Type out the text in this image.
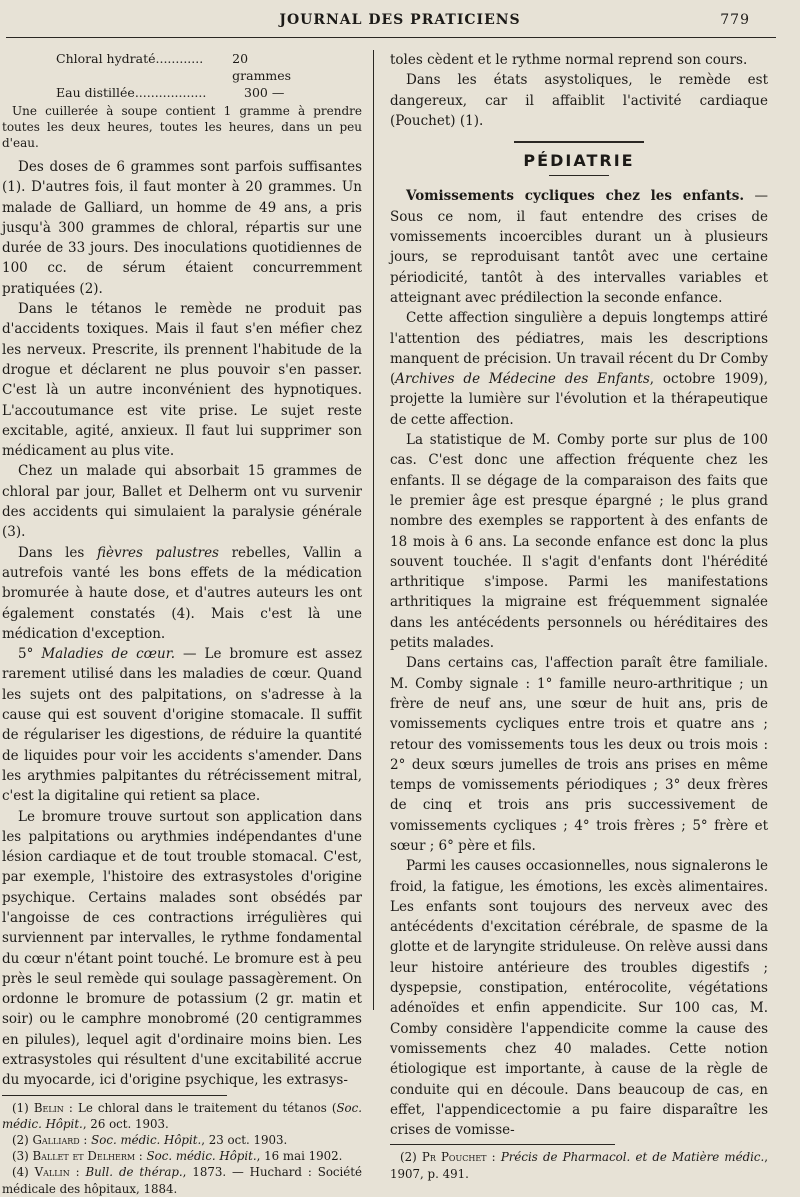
JOURNAL DES PRATICIENS	779
Chloral hydraté............	20 grammes
Eau distillée..................	300 —

Une cuillerée à soupe contient 1 gramme à prendre toutes les deux heures, toutes les heures, dans un peu d'eau.

Des doses de 6 grammes sont parfois suffisantes (1). D'autres fois, il faut monter à 20 grammes. Un malade de Galliard, un homme de 49 ans, a pris jusqu'à 300 grammes de chloral, répartis sur une durée de 33 jours. Des inoculations quotidiennes de 100 cc. de sérum étaient concurremment pratiquées (2).

Dans le tétanos le remède ne produit pas d'accidents toxiques. Mais il faut s'en méfier chez les nerveux. Prescrite, ils prennent l'habitude de la drogue et déclarent ne plus pouvoir s'en passer. C'est là un autre inconvénient des hypnotiques. L'accoutumance est vite prise. Le sujet reste excitable, agité, anxieux. Il faut lui supprimer son médicament au plus vite.

Chez un malade qui absorbait 15 grammes de chloral par jour, Ballet et Delherm ont vu survenir des accidents qui simulaient la paralysie générale (3).

Dans les fièvres palustres rebelles, Vallin a autrefois vanté les bons effets de la médication bromurée à haute dose, et d'autres auteurs les ont également constatés (4). Mais c'est là une médication d'exception.

5° Maladies de cœur. — Le bromure est assez rarement utilisé dans les maladies de cœur. Quand les sujets ont des palpitations, on s'adresse à la cause qui est souvent d'origine stomacale. Il suffit de régulariser les digestions, de réduire la quantité de liquides pour voir les accidents s'amender. Dans les arythmies palpitantes du rétrécissement mitral, c'est la digitaline qui retient sa place.

Le bromure trouve surtout son application dans les palpitations ou arythmies indépendantes d'une lésion cardiaque et de tout trouble stomacal. C'est, par exemple, l'histoire des extrasystoles d'origine psychique. Certains malades sont obsédés par l'angoisse de ces contractions irrégulières qui surviennent par intervalles, le rythme fondamental du cœur n'étant point touché. Le bromure est à peu près le seul remède qui soulage passagèrement. On ordonne le bromure de potassium (2 gr. matin et soir) ou le camphre monobromé (20 centigrammes en pilules), lequel agit d'ordinaire moins bien. Les extrasystoles qui résultent d'une excitabilité accrue du myocarde, ici d'origine psychique, les extrasys-

(1) Belin : Le chloral dans le traitement du tétanos (Soc. médic. Hôpit., 26 oct. 1903.

(2) Galliard : Soc. médic. Hôpit., 23 oct. 1903.

(3) Ballet et Delherm : Soc. médic. Hôpit., 16 mai 1902.

(4) Vallin : Bull. de thérap., 1873. — Huchard : Société médicale des hôpitaux, 1884.

toles cèdent et le rythme normal reprend son cours.

Dans les états asystoliques, le remède est dangereux, car il affaiblit l'activité cardiaque (Pouchet) (1).

PÉDIATRIE

Vomissements cycliques chez les enfants. — Sous ce nom, il faut entendre des crises de vomissements incoercibles durant un à plusieurs jours, se reproduisant tantôt avec une certaine périodicité, tantôt à des intervalles variables et atteignant avec prédilection la seconde enfance.

Cette affection singulière a depuis longtemps attiré l'attention des pédiatres, mais les descriptions manquent de précision. Un travail récent du Dr Comby (Archives de Médecine des Enfants, octobre 1909), projette la lumière sur l'évolution et la thérapeutique de cette affection.

La statistique de M. Comby porte sur plus de 100 cas. C'est donc une affection fréquente chez les enfants. Il se dégage de la comparaison des faits que le premier âge est presque épargné ; le plus grand nombre des exemples se rapportent à des enfants de 18 mois à 6 ans. La seconde enfance est donc la plus souvent touchée. Il s'agit d'enfants dont l'hérédité arthritique s'impose. Parmi les manifestations arthritiques la migraine est fréquemment signalée dans les antécédents personnels ou héréditaires des petits malades.

Dans certains cas, l'affection paraît être familiale. M. Comby signale : 1° famille neuro-arthritique ; un frère de neuf ans, une sœur de huit ans, pris de vomissements cycliques entre trois et quatre ans ; retour des vomissements tous les deux ou trois mois : 2° deux sœurs jumelles de trois ans prises en même temps de vomissements périodiques ; 3° deux frères de cinq et trois ans pris successivement de vomissements cycliques ; 4° trois frères ; 5° frère et sœur ; 6° père et fils.

Parmi les causes occasionnelles, nous signalerons le froid, la fatigue, les émotions, les excès alimentaires. Les enfants sont toujours des nerveux avec des antécédents d'excitation cérébrale, de spasme de la glotte et de laryngite striduleuse. On relève aussi dans leur histoire antérieure des troubles digestifs ; dyspepsie, constipation, entérocolite, végétations adénoïdes et enfin appendicite. Sur 100 cas, M. Comby considère l'appendicite comme la cause des vomissements chez 40 malades. Cette notion étiologique est importante, à cause de la règle de conduite qui en découle. Dans beaucoup de cas, en effet, l'appendicectomie a pu faire disparaître les crises de vomisse-

(2) Pr Pouchet : Précis de Pharmacol. et de Matière médic., 1907, p. 491.
